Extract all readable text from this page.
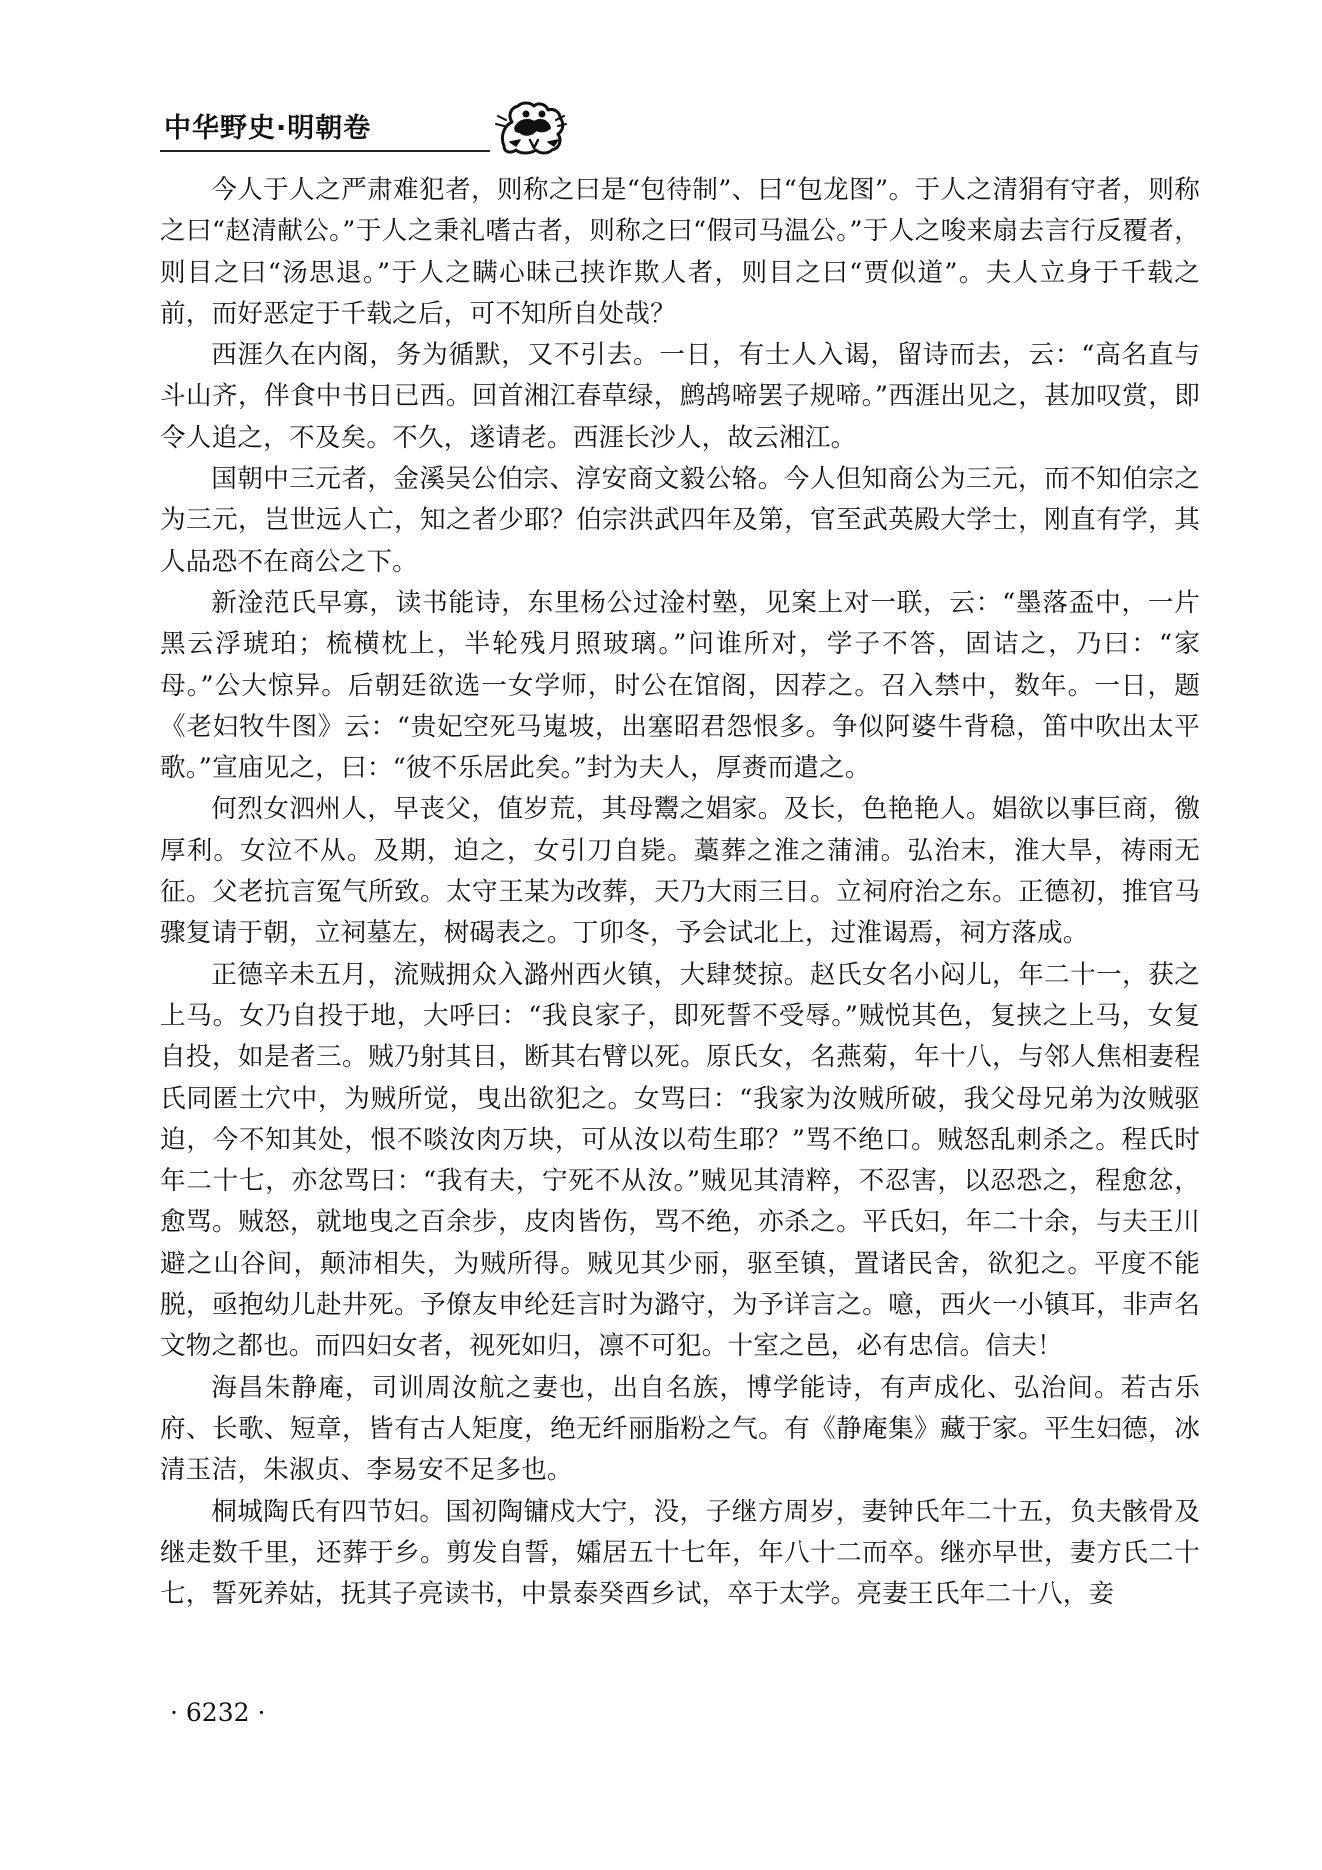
中华野史·明朝卷

今人于人之严肃难犯者，则称之曰是“包待制”、曰“包龙图”。于人之清狷有守者，则称之曰“赵清献公。”于人之秉礼嗜古者，则称之曰“假司马温公。”于人之唆来扇去言行反覆者，则目之曰“汤思退。”于人之瞒心昧己挟诈欺人者，则目之曰“贾似道”。夫人立身于千载之前，而好恶定于千载之后，可不知所自处哉？

西涯久在内阁，务为循默，又不引去。一日，有士人入谒，留诗而去，云：“高名直与斗山齐，伴食中书日已西。回首湘江春草绿，鹧鸪啼罢子规啼。”西涯出见之，甚加叹赏，即令人追之，不及矣。不久，遂请老。西涯长沙人，故云湘江。

国朝中三元者，金溪吴公伯宗、淳安商文毅公辂。今人但知商公为三元，而不知伯宗之为三元，岂世远人亡，知之者少耶？伯宗洪武四年及第，官至武英殿大学士，刚直有学，其人品恐不在商公之下。

新淦范氏早寡，读书能诗，东里杨公过淦村塾，见案上对一联，云：“墨落盃中，一片黑云浮琥珀；梳横枕上，半轮残月照玻璃。”问谁所对，学子不答，固诘之，乃曰：“家母。”公大惊异。后朝廷欲选一女学师，时公在馆阁，因荐之。召入禁中，数年。一日，题《老妇牧牛图》云：“贵妃空死马嵬坡，出塞昭君怨恨多。争似阿婆牛背稳，笛中吹出太平歌。”宣庙见之，曰：“彼不乐居此矣。”封为夫人，厚赉而遣之。

何烈女泗州人，早丧父，值岁荒，其母鬻之娼家。及长，色艳艳人。娼欲以事巨商，徼厚利。女泣不从。及期，迫之，女引刀自毙。藁葬之淮之蒲浦。弘治末，淮大旱，祷雨无征。父老抗言冤气所致。太守王某为改葬，天乃大雨三日。立祠府治之东。正德初，推官马骤复请于朝，立祠墓左，树碣表之。丁卯冬，予会试北上，过淮谒焉，祠方落成。

正德辛未五月，流贼拥众入潞州西火镇，大肆焚掠。赵氏女名小闷儿，年二十一，获之上马。女乃自投于地，大呼曰：“我良家子，即死誓不受辱。”贼悦其色，复挟之上马，女复自投，如是者三。贼乃射其目，断其右臂以死。原氏女，名燕菊，年十八，与邻人焦相妻程氏同匿土穴中，为贼所觉，曳出欲犯之。女骂曰：“我家为汝贼所破，我父母兄弟为汝贼驱迫，今不知其处，恨不啖汝肉万块，可从汝以苟生耶？”骂不绝口。贼怒乱刺杀之。程氏时年二十七，亦忿骂曰：“我有夫，宁死不从汝。”贼见其清粹，不忍害，以忍恐之，程愈忿，愈骂。贼怒，就地曳之百余步，皮肉皆伤，骂不绝，亦杀之。平氏妇，年二十余，与夫王川避之山谷间，颠沛相失，为贼所得。贼见其少丽，驱至镇，置诸民舍，欲犯之。平度不能脱，亟抱幼儿赴井死。予僚友申纶廷言时为潞守，为予详言之。噫，西火一小镇耳，非声名文物之都也。而四妇女者，视死如归，凛不可犯。十室之邑，必有忠信。信夫！

海昌朱静庵，司训周汝航之妻也，出自名族，博学能诗，有声成化、弘治间。若古乐府、长歌、短章，皆有古人矩度，绝无纤丽脂粉之气。有《静庵集》藏于家。平生妇德，冰清玉洁，朱淑贞、李易安不足多也。

桐城陶氏有四节妇。国初陶镛戍大宁，没，子继方周岁，妻钟氏年二十五，负夫骸骨及继走数千里，还葬于乡。剪发自誓，孀居五十七年，年八十二而卒。继亦早世，妻方氏二十七，誓死养姑，抚其子亮读书，中景泰癸酉乡试，卒于太学。亮妻王氏年二十八，妾

· 6232 ·
